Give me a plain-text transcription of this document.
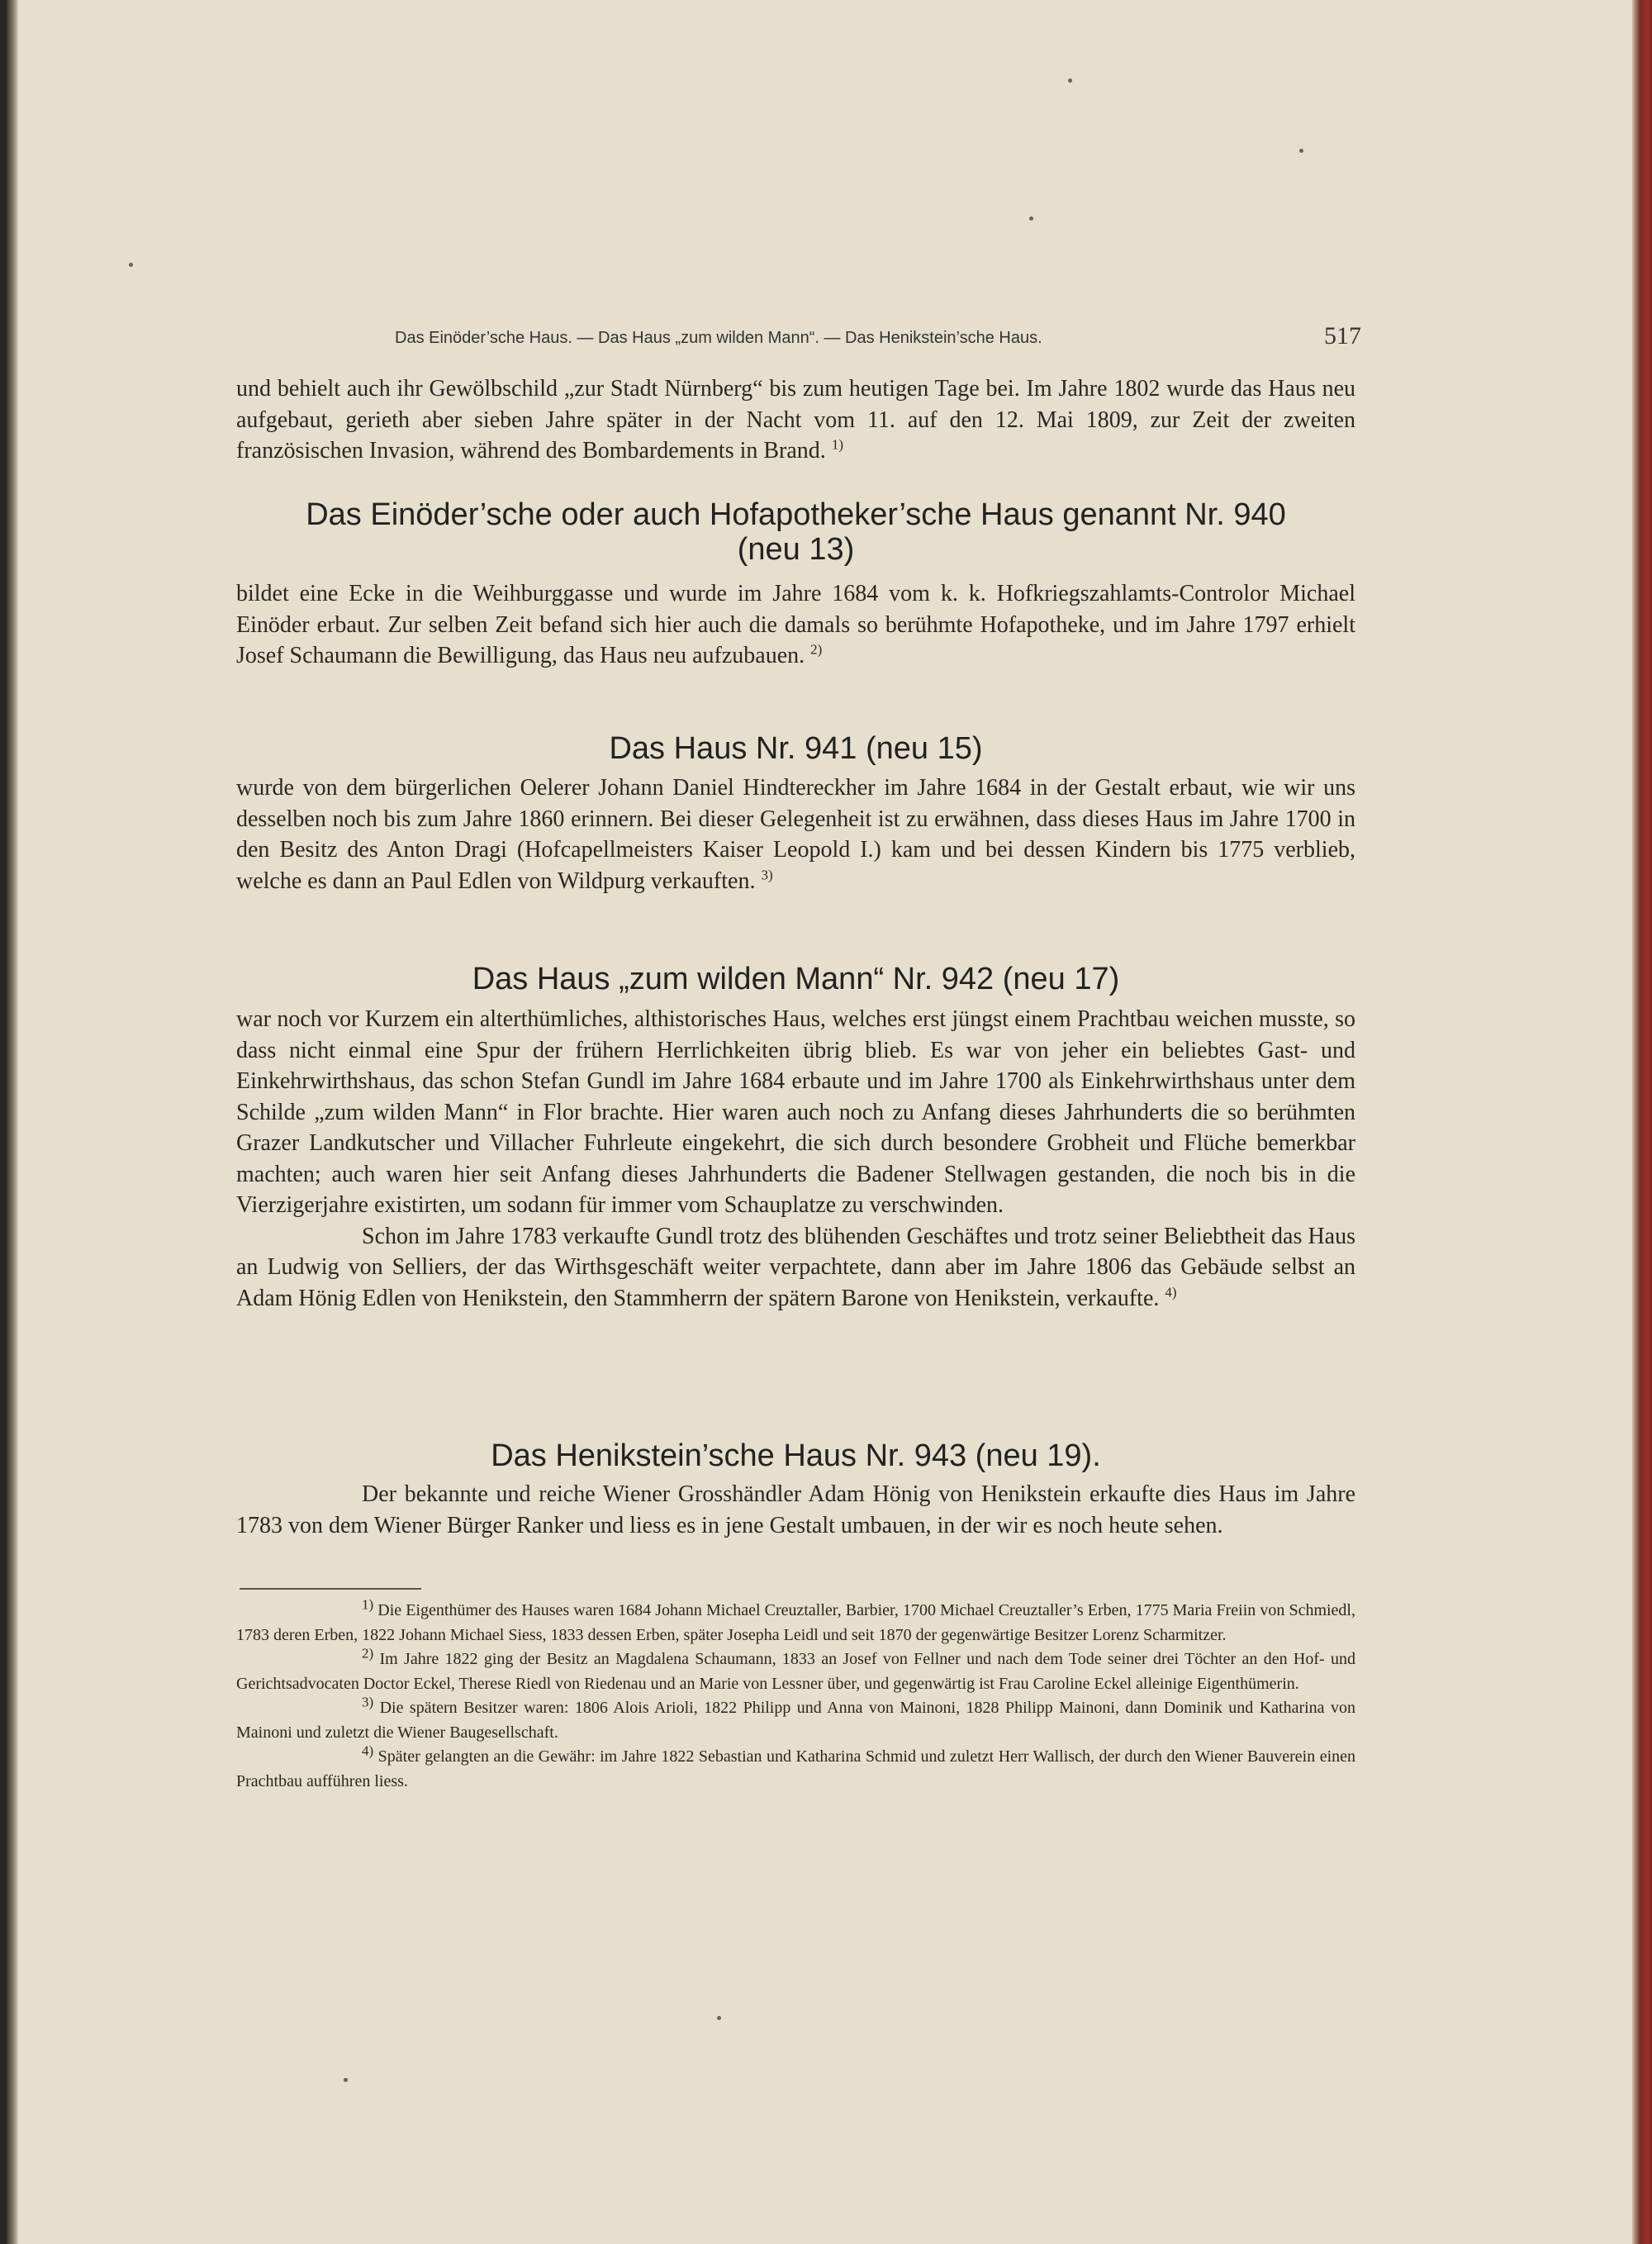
Das Einöder’sche Haus. — Das Haus „zum wilden Mann“. — Das Henikstein’sche Haus.	517

und behielt auch ihr Gewölbschild „zur Stadt Nürnberg“ bis zum heutigen Tage bei. Im Jahre 1802 wurde das Haus neu aufgebaut, gerieth aber sieben Jahre später in der Nacht vom 11. auf den 12. Mai 1809, zur Zeit der zweiten französischen Invasion, während des Bombardements in Brand. $^{1)}$

Das Einöder’sche oder auch Hofapotheker’sche Haus genannt Nr. 940
(neu 13)

bildet eine Ecke in die Weihburggasse und wurde im Jahre 1684 vom k. k. Hofkriegszahlamts-Controlor Michael Einöder erbaut. Zur selben Zeit befand sich hier auch die damals so berühmte Hofapotheke, und im Jahre 1797 erhielt Josef Schaumann die Bewilligung, das Haus neu aufzubauen. $^{2)}$

Das Haus Nr. 941 (neu 15)

wurde von dem bürgerlichen Oelerer Johann Daniel Hindtereckher im Jahre 1684 in der Gestalt erbaut, wie wir uns desselben noch bis zum Jahre 1860 erinnern. Bei dieser Gelegenheit ist zu erwähnen, dass dieses Haus im Jahre 1700 in den Besitz des Anton Dragi (Hofcapellmeisters Kaiser Leopold I.) kam und bei dessen Kindern bis 1775 verblieb, welche es dann an Paul Edlen von Wildpurg verkauften. $^{3)}$

Das Haus „zum wilden Mann“ Nr. 942 (neu 17)

war noch vor Kurzem ein alterthümliches, althistorisches Haus, welches erst jüngst einem Prachtbau weichen musste, so dass nicht einmal eine Spur der frühern Herrlichkeiten übrig blieb. Es war von jeher ein beliebtes Gast- und Einkehrwirthshaus, das schon Stefan Gundl im Jahre 1684 erbaute und im Jahre 1700 als Einkehrwirthshaus unter dem Schilde „zum wilden Mann“ in Flor brachte. Hier waren auch noch zu Anfang dieses Jahrhunderts die so berühmten Grazer Landkutscher und Villacher Fuhrleute eingekehrt, die sich durch besondere Grobheit und Flüche bemerkbar machten; auch waren hier seit Anfang dieses Jahrhunderts die Badener Stellwagen gestanden, die noch bis in die Vierzigerjahre existirten, um sodann für immer vom Schauplatze zu verschwinden.

Schon im Jahre 1783 verkaufte Gundl trotz des blühenden Geschäftes und trotz seiner Beliebtheit das Haus an Ludwig von Selliers, der das Wirthsgeschäft weiter verpachtete, dann aber im Jahre 1806 das Gebäude selbst an Adam Hönig Edlen von Henikstein, den Stammherrn der spätern Barone von Henikstein, verkaufte. $^{4)}$

Das Henikstein’sche Haus Nr. 943 (neu 19).

Der bekannte und reiche Wiener Grosshändler Adam Hönig von Henikstein erkaufte dies Haus im Jahre 1783 von dem Wiener Bürger Ranker und liess es in jene Gestalt umbauen, in der wir es noch heute sehen.

$^{1)}$ Die Eigenthümer des Hauses waren 1684 Johann Michael Creuztaller, Barbier, 1700 Michael Creuztaller’s Erben, 1775 Maria Freiin von Schmiedl, 1783 deren Erben, 1822 Johann Michael Siess, 1833 dessen Erben, später Josepha Leidl und seit 1870 der gegenwärtige Besitzer Lorenz Scharmitzer.

$^{2)}$ Im Jahre 1822 ging der Besitz an Magdalena Schaumann, 1833 an Josef von Fellner und nach dem Tode seiner drei Töchter an den Hof- und Gerichtsadvocaten Doctor Eckel, Therese Riedl von Riedenau und an Marie von Lessner über, und gegenwärtig ist Frau Caroline Eckel alleinige Eigenthümerin.

$^{3)}$ Die spätern Besitzer waren: 1806 Alois Arioli, 1822 Philipp und Anna von Mainoni, 1828 Philipp Mainoni, dann Dominik und Katharina von Mainoni und zuletzt die Wiener Baugesellschaft.

$^{4)}$ Später gelangten an die Gewähr: im Jahre 1822 Sebastian und Katharina Schmid und zuletzt Herr Wallisch, der durch den Wiener Bauverein einen Prachtbau aufführen liess.
